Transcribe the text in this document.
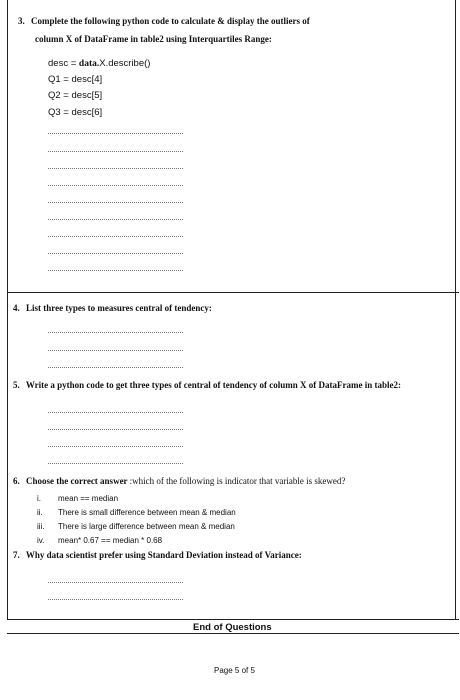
3. Complete the following python code to calculate & display the outliers of
column X of DataFrame in table2 using Interquartiles Range:
desc = data.X.describe()
Q1 = desc[4]
Q2 = desc[5]
Q3 = desc[6]
4. List three types to measures central of tendency:
5. Write a python code to get three types of central of tendency of column X of DataFrame in table2:
6. Choose the correct answer :which of the following is indicator that variable is skewed?
i. mean == median
ii. There is small difference between mean & median
iii. There is large difference between mean & median
iv. mean* 0.67 == median * 0.68
7. Why data scientist prefer using Standard Deviation instead of Variance:
End of Questions
Page 5 of 5
